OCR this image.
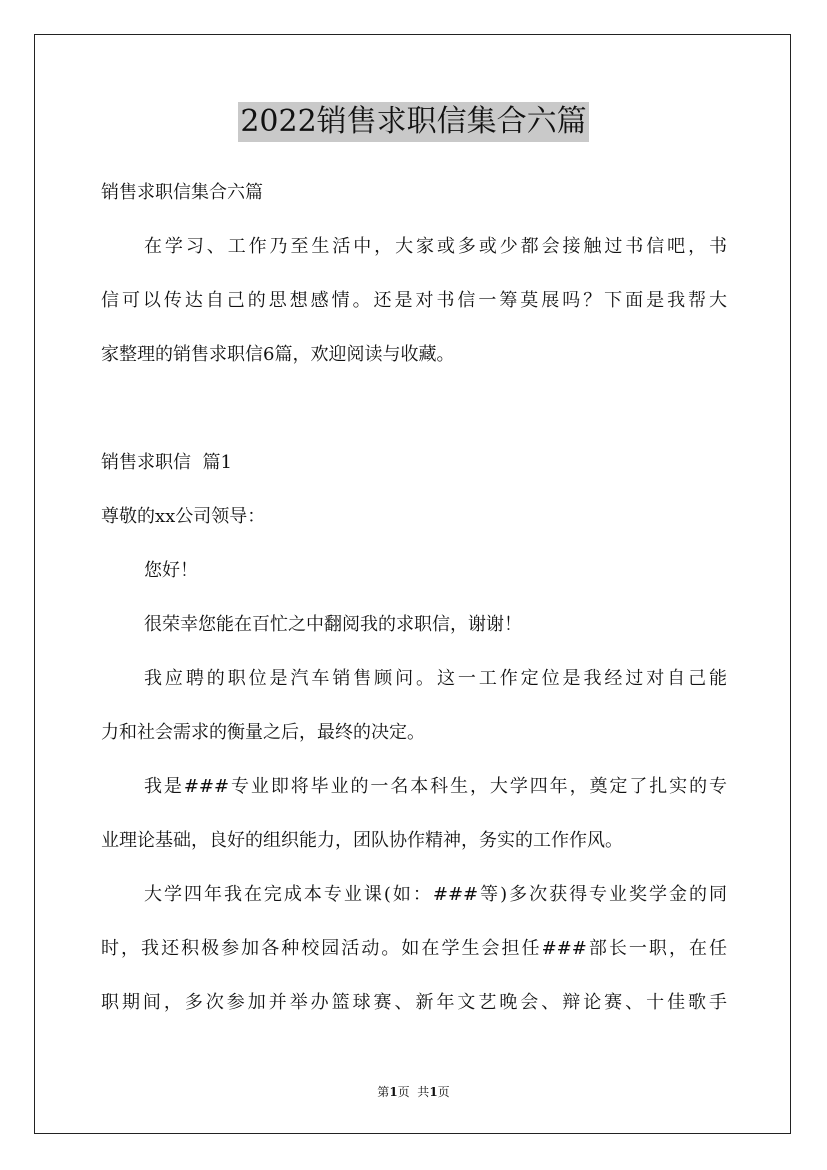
2022销售求职信集合六篇
销售求职信集合六篇
在学习、工作乃至生活中，大家或多或少都会接触过书信吧，书
信可以传达自己的思想感情。还是对书信一筹莫展吗？下面是我帮大
家整理的销售求职信6篇，欢迎阅读与收藏。
销售求职信  篇1
尊敬的xx公司领导：
您好！
很荣幸您能在百忙之中翻阅我的求职信，谢谢！
我应聘的职位是汽车销售顾问。这一工作定位是我经过对自己能
力和社会需求的衡量之后，最终的决定。
我是###专业即将毕业的一名本科生，大学四年，奠定了扎实的专
业理论基础，良好的组织能力，团队协作精神，务实的工作作风。
大学四年我在完成本专业课(如：###等)多次获得专业奖学金的同
时，我还积极参加各种校园活动。如在学生会担任###部长一职，在任
职期间，多次参加并举办篮球赛、新年文艺晚会、辩论赛、十佳歌手
第1页  共1页
